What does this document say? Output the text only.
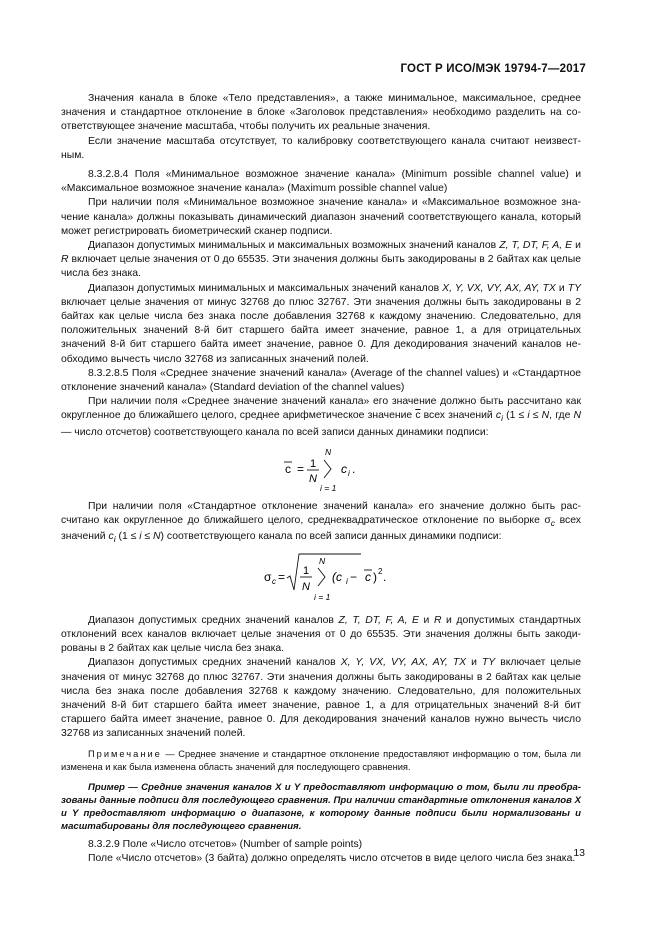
ГОСТ Р ИСО/МЭК 19794-7—2017

Значения канала в блоке «Тело представления», а также минимальное, максимальное, среднее значения и стандартное отклонение в блоке «Заголовок представления» необходимо разделить на соответствующее значение масштаба, чтобы получить их реальные значения.

Если значение масштаба отсутствует, то калибровку соответствующего канала считают неизвестным.

8.3.2.8.4 Поля «Минимальное возможное значение канала» (Minimum possible channel value) и «Максимальное возможное значение канала» (Maximum possible channel value)

При наличии поля «Минимальное возможное значение канала» и «Максимальное возможное значение канала» должны показывать динамический диапазон значений соответствующего канала, который может регистрировать биометрический сканер подписи.

Диапазон допустимых минимальных и максимальных возможных значений каналов Z, T, DT, F, A, E и R включает целые значения от 0 до 65535. Эти значения должны быть закодированы в 2 байтах как целые числа без знака.

Диапазон допустимых минимальных и максимальных значений каналов X, Y, VX, VY, AX, AY, TX и TY включает целые значения от минус 32768 до плюс 32767. Эти значения должны быть закодированы в 2 байтах как целые числа без знака после добавления 32768 к каждому значению. Следовательно, для положительных значений 8-й бит старшего байта имеет значение, равное 1, а для отрицательных значений 8-й бит старшего байта имеет значение, равное 0. Для декодирования значений каналов необходимо вычесть число 32768 из записанных значений полей.

8.3.2.8.5 Поля «Среднее значение значений канала» (Average of the channel values) и «Стандартное отклонение значений канала» (Standard deviation of the channel values)

При наличии поля «Среднее значение значений канала» его значение должно быть рассчитано как округленное до ближайшего целого, среднее арифметическое значение $\overline{c}$ всех значений $c_i$ (1 ≤ i ≤ N, где N — число отсчетов) соответствующего канала по всей записи данных динамики подписи:

c = 1
N
N
i = 1
c i .

При наличии поля «Стандартное отклонение значений канала» его значение должно быть рассчитано как округленное до ближайшего целого, среднеквадратическое отклонение по выборке $\sigma_c$ всех значений $c_i$ (1 ≤ i ≤ N) соответствующего канала по всей записи данных динамики подписи:

σ c = 1
N
N
i = 1
(c i − c ) 2 .

Диапазон допустимых средних значений каналов Z, T, DT, F, A, E и R и допустимых стандартных отклонений всех каналов включает целые значения от 0 до 65535. Эти значения должны быть закодированы в 2 байтах как целые числа без знака.

Диапазон допустимых средних значений каналов X, Y, VX, VY, AX, AY, TX и TY включает целые значения от минус 32768 до плюс 32767. Эти значения должны быть закодированы в 2 байтах как целые числа без знака после добавления 32768 к каждому значению. Следовательно, для положительных значений 8-й бит старшего байта имеет значение, равное 1, а для отрицательных значений 8-й бит старшего байта имеет значение, равное 0. Для декодирования значений каналов нужно вычесть число 32768 из записанных значений полей.

Примечание — Среднее значение и стандартное отклонение предоставляют информацию о том, была ли изменена и как была изменена область значений для последующего сравнения.

Пример — Средние значения каналов X и Y предоставляют информацию о том, были ли преобразованы данные подписи для последующего сравнения. При наличии стандартные отклонения каналов X и Y предоставляют информацию о диапазоне, к которому данные подписи были нормализованы и масштабированы для последующего сравнения.

8.3.2.9 Поле «Число отсчетов» (Number of sample points)

Поле «Число отсчетов» (3 байта) должно определять число отсчетов в виде целого числа без знака.

13
